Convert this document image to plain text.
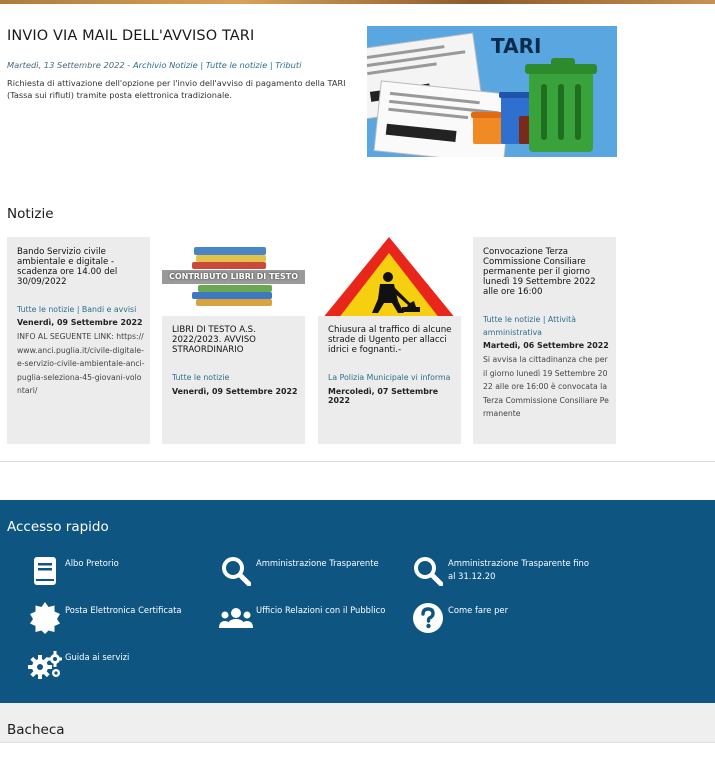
INVIO VIA MAIL DELL'AVVISO TARI
Martedì, 13 Settembre 2022 - Archivio Notizie | Tutte le notizie | Tributi
Richiesta di attivazione dell'opzione per l'invio dell'avviso di pagamento della TARI (Tassa sui rifiuti) tramite posta elettronica tradizionale.
TARI
Notizie
Bando Servizio civile ambientale e digitale - scadenza ore 14.00 del 30/09/2022
Tutte le notizie | Bandi e avvisi
Venerdì, 09 Settembre 2022
INFO AL SEGUENTE LINK: https://www.anci.puglia.it/civile-digitale-e-servizio-civile-ambientale-anci-puglia-seleziona-45-giovani-volontari/
CONTRIBUTO LIBRI DI TESTO
LIBRI DI TESTO A.S. 2022/2023. AVVISO STRAORDINARIO
Tutte le notizie
Venerdì, 09 Settembre 2022
Chiusura al traffico di alcune strade di Ugento per allacci idrici e fognanti.-
La Polizia Municipale vi informa
Mercoledì, 07 Settembre 2022
Convocazione Terza Commissione Consiliare permanente per il giorno lunedì 19 Settembre 2022 alle ore 16:00
Tutte le notizie | Attività amministrativa
Martedì, 06 Settembre 2022
Si avvisa la cittadinanza che per il giorno lunedì 19 Settembre 2022 alle ore 16:00 è convocata la Terza Commissione Consiliare Permanente
Accesso rapido
Albo Pretorio	Amministrazione Trasparente	Amministrazione Trasparente fino al 31.12.20
Posta Elettronica Certificata	Ufficio Relazioni con il Pubblico	Come fare per
Guida ai servizi
Bacheca
